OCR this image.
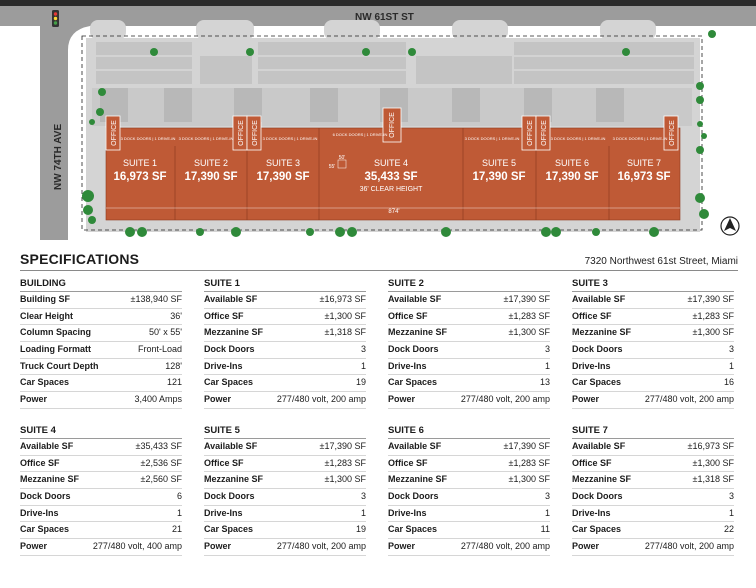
OFFICE	OFFICE OFFICE	OFFICE	OFFICE OFFICE	OFFICE
3 DOCK DOORS | 1 DRIVE-IN 3 DOCK DOORS | 1 DRIVE-IN	3 DOCK DOORS | 1 DRIVE-IN
6 DOCK DOORS | 1 DRIVE-IN
3 DOCK DOORS | 1 DRIVE-IN	3 DOCK DOORS | 1 DRIVE-IN 3 DOCK DOORS | 1 DRIVE-IN
SUITE 1
16,973 SF
SUITE 2
17,390 SF
SUITE 3
17,390 SF
SUITE 4
35,433 SF
36' CLEAR HEIGHT
SUITE 5
17,390 SF
SUITE 6
17,390 SF
SUITE 7
16,973 SF
50'
55'
874'
NW 61ST ST
NW 74TH AVE
SPECIFICATIONS	7320 Northwest 61st Street, Miami
BUILDING
Building SF	±138,940 SF
Clear Height	36'
Column Spacing	50' x 55'
Loading Formatt	Front-Load
Truck Court Depth	128'
Car Spaces	121
Power	3,400 Amps
SUITE 1
Available SF	±16,973 SF
Office SF	±1,300 SF
Mezzanine SF	±1,318 SF
Dock Doors	3
Drive-Ins	1
Car Spaces	19
Power	277/480 volt, 200 amp
SUITE 2
Available SF	±17,390 SF
Office SF	±1,283 SF
Mezzanine SF	±1,300 SF
Dock Doors	3
Drive-Ins	1
Car Spaces	13
Power	277/480 volt, 200 amp
SUITE 3
Available SF	±17,390 SF
Office SF	±1,283 SF
Mezzanine SF	±1,300 SF
Dock Doors	3
Drive-Ins	1
Car Spaces	16
Power	277/480 volt, 200 amp
SUITE 4
Available SF	±35,433 SF
Office SF	±2,536 SF
Mezzanine SF	±2,560 SF
Dock Doors	6
Drive-Ins	1
Car Spaces	21
Power	277/480 volt, 400 amp
SUITE 5
Available SF	±17,390 SF
Office SF	±1,283 SF
Mezzanine SF	±1,300 SF
Dock Doors	3
Drive-Ins	1
Car Spaces	19
Power	277/480 volt, 200 amp
SUITE 6
Available SF	±17,390 SF
Office SF	±1,283 SF
Mezzanine SF	±1,300 SF
Dock Doors	3
Drive-Ins	1
Car Spaces	11
Power	277/480 volt, 200 amp
SUITE 7
Available SF	±16,973 SF
Office SF	±1,300 SF
Mezzanine SF	±1,318 SF
Dock Doors	3
Drive-Ins	1
Car Spaces	22
Power	277/480 volt, 200 amp
